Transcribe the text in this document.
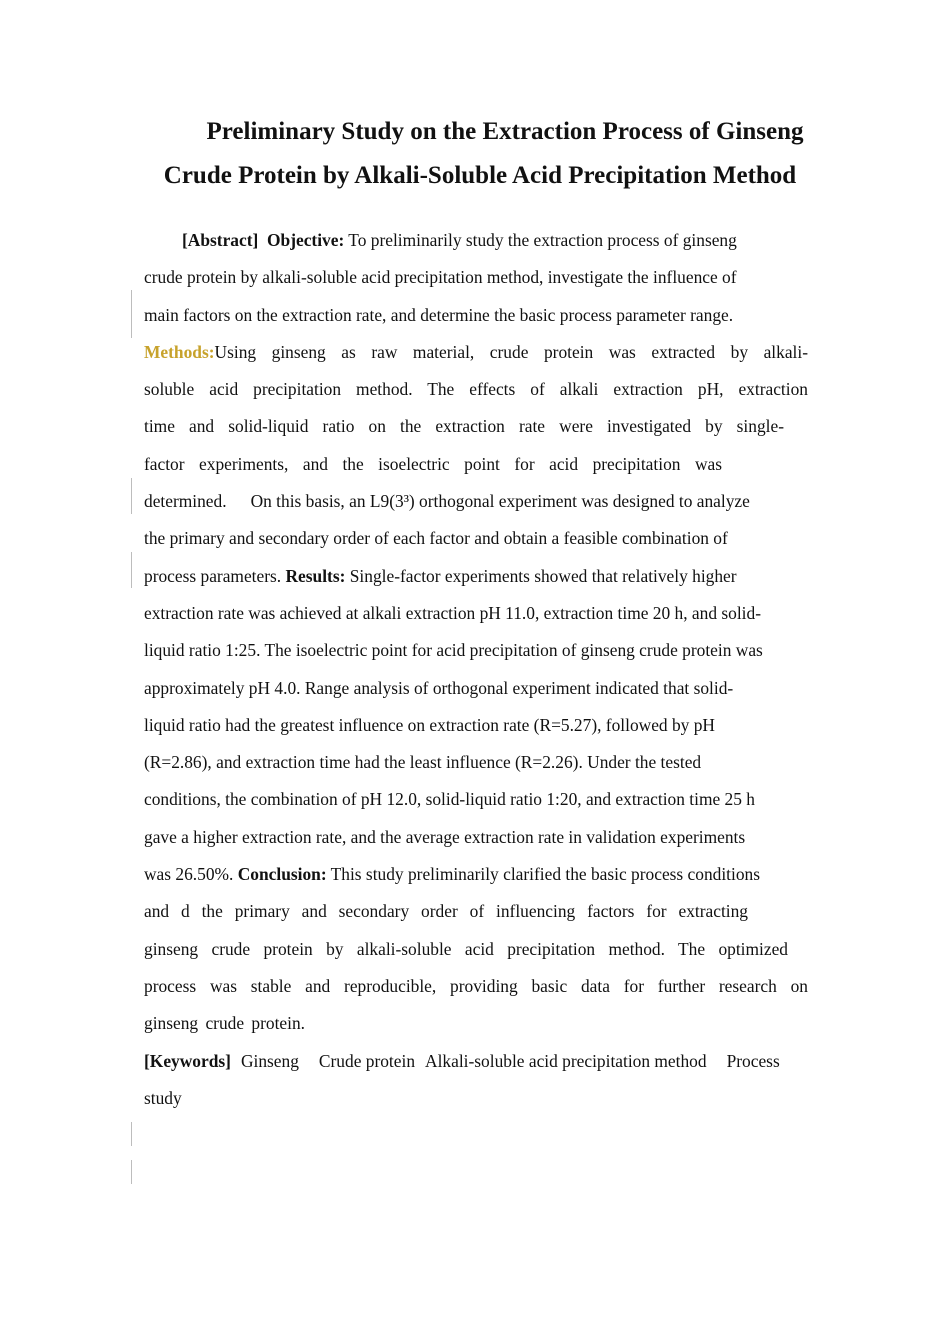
Preliminary Study on the Extraction Process of Ginseng
Crude Protein by Alkali-Soluble Acid Precipitation Method

[Abstract] Objective: To preliminarily study the extraction process of ginseng

crude protein by alkali-soluble acid precipitation method, investigate the influence of

main factors on the extraction rate, and determine the basic process parameter range.

Methods:Using ginseng as raw material, crude protein was extracted by alkali-

soluble acid precipitation method. The effects of alkali extraction pH, extraction

time and solid-liquid ratio on the extraction rate were investigated by single-

factor experiments, and the isoelectric point for acid precipitation was

determined. On this basis, an L9(3³) orthogonal experiment was designed to analyze

the primary and secondary order of each factor and obtain a feasible combination of

process parameters. Results: Single-factor experiments showed that relatively higher

extraction rate was achieved at alkali extraction pH 11.0, extraction time 20 h, and solid-

liquid ratio 1:25. The isoelectric point for acid precipitation of ginseng crude protein was

approximately pH 4.0. Range analysis of orthogonal experiment indicated that solid-

liquid ratio had the greatest influence on extraction rate (R=5.27), followed by pH

(R=2.86), and extraction time had the least influence (R=2.26). Under the tested

conditions, the combination of pH 12.0, solid-liquid ratio 1:20, and extraction time 25 h

gave a higher extraction rate, and the average extraction rate in validation experiments

was 26.50%. Conclusion: This study preliminarily clarified the basic process conditions

and d the primary and secondary order of influencing factors for extracting

ginseng crude protein by alkali-soluble acid precipitation method. The optimized

process was stable and reproducible, providing basic data for further research on

ginseng crude protein.

[Keywords] Ginseng Crude protein Alkali-soluble acid precipitation method Process
study
